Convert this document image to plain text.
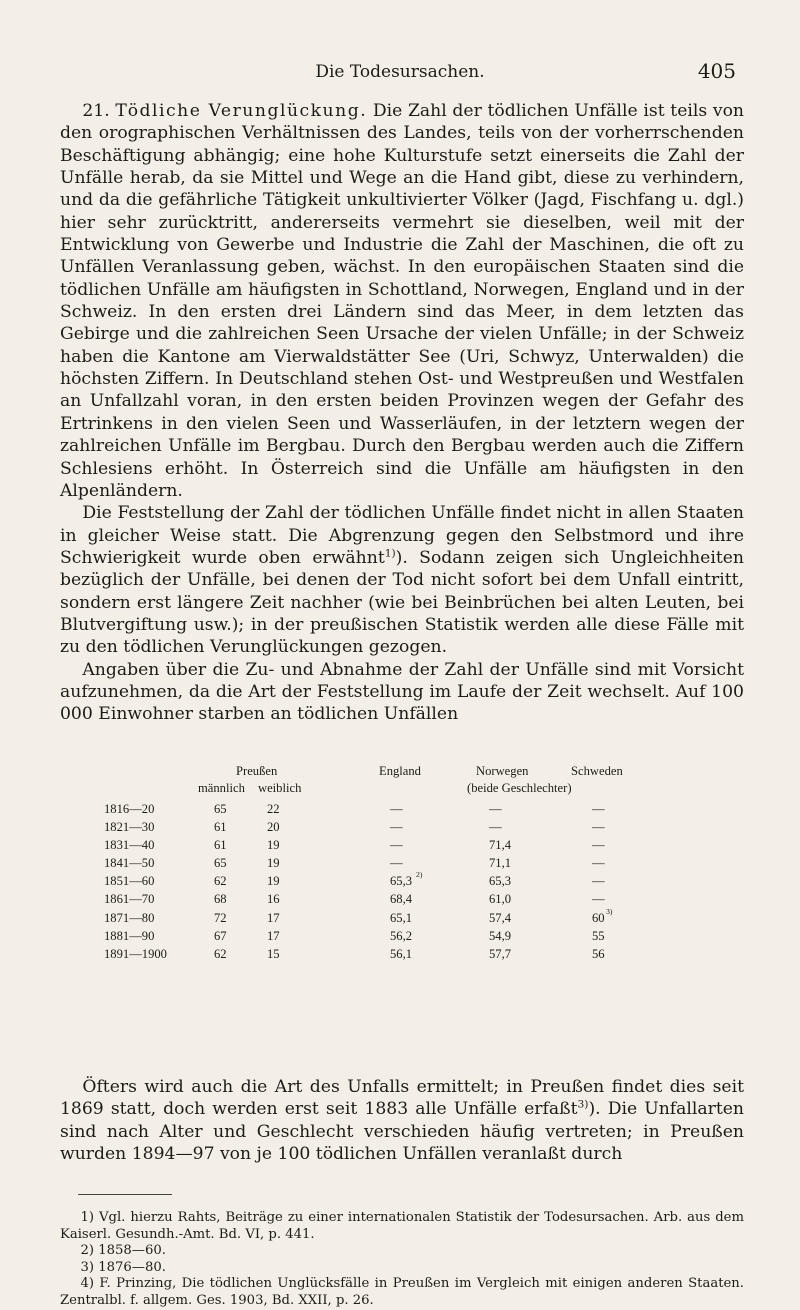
Die Todesursachen.	405

21. Tödliche Verunglückung. Die Zahl der tödlichen Unfälle ist teils von den orographischen Verhältnissen des Landes, teils von der vorherrschenden Beschäftigung abhängig; eine hohe Kulturstufe setzt einerseits die Zahl der Unfälle herab, da sie Mittel und Wege an die Hand gibt, diese zu verhindern, und da die gefährliche Tätigkeit unkultivierter Völker (Jagd, Fischfang u. dgl.) hier sehr zurücktritt, andererseits vermehrt sie dieselben, weil mit der Entwicklung von Gewerbe und Industrie die Zahl der Maschinen, die oft zu Unfällen Veranlassung geben, wächst. In den europäischen Staaten sind die tödlichen Unfälle am häufigsten in Schottland, Norwegen, England und in der Schweiz. In den ersten drei Ländern sind das Meer, in dem letzten das Gebirge und die zahlreichen Seen Ursache der vielen Unfälle; in der Schweiz haben die Kantone am Vierwaldstätter See (Uri, Schwyz, Unterwalden) die höchsten Ziffern. In Deutschland stehen Ost- und Westpreußen und Westfalen an Unfallzahl voran, in den ersten beiden Provinzen wegen der Gefahr des Ertrinkens in den vielen Seen und Wasserläufen, in der letztern wegen der zahlreichen Unfälle im Bergbau. Durch den Bergbau werden auch die Ziffern Schlesiens erhöht. In Österreich sind die Unfälle am häufigsten in den Alpenländern.

Die Feststellung der Zahl der tödlichen Unfälle findet nicht in allen Staaten in gleicher Weise statt. Die Abgrenzung gegen den Selbstmord und ihre Schwierigkeit wurde oben erwähnt$^{1)}$). Sodann zeigen sich Ungleichheiten bezüglich der Unfälle, bei denen der Tod nicht sofort bei dem Unfall eintritt, sondern erst längere Zeit nachher (wie bei Beinbrüchen bei alten Leuten, bei Blutvergiftung usw.); in der preußischen Statistik werden alle diese Fälle mit zu den tödlichen Verunglückungen gezogen.

Angaben über die Zu- und Abnahme der Zahl der Unfälle sind mit Vorsicht aufzunehmen, da die Art der Feststellung im Laufe der Zeit wechselt. Auf 100 000 Einwohner starben an tödlichen Unfällen

Preußen
männlich weiblich
England	Norwegen	Schweden
(beide Geschlechter)
1816—20	65	22	—	—	—
1821—30	61	20	—	—	—
1831—40	61	19	—	71,4	—
1841—50	65	19	—	71,1	—
1851—60	62	19	65,3 2)	65,3	—
1861—70	68	16	68,4	61,0	—
1871—80	72	17	65,1	57,4	60 3)
1881—90	67	17	56,2	54,9	55
1891—1900	62	15	56,1	57,7	56

Öfters wird auch die Art des Unfalls ermittelt; in Preußen findet dies seit 1869 statt, doch werden erst seit 1883 alle Unfälle erfaßt$^{3)}$). Die Unfallarten sind nach Alter und Geschlecht verschieden häufig vertreten; in Preußen wurden 1894—97 von je 100 tödlichen Unfällen veranlaßt durch

1) Vgl. hierzu Rahts, Beiträge zu einer internationalen Statistik der Todesursachen. Arb. aus dem Kaiserl. Gesundh.-Amt. Bd. VI, p. 441.

2) 1858—60.

3) 1876—80.

4) F. Prinzing, Die tödlichen Unglücksfälle in Preußen im Vergleich mit einigen anderen Staaten. Zentralbl. f. allgem. Ges. 1903, Bd. XXII, p. 26.
